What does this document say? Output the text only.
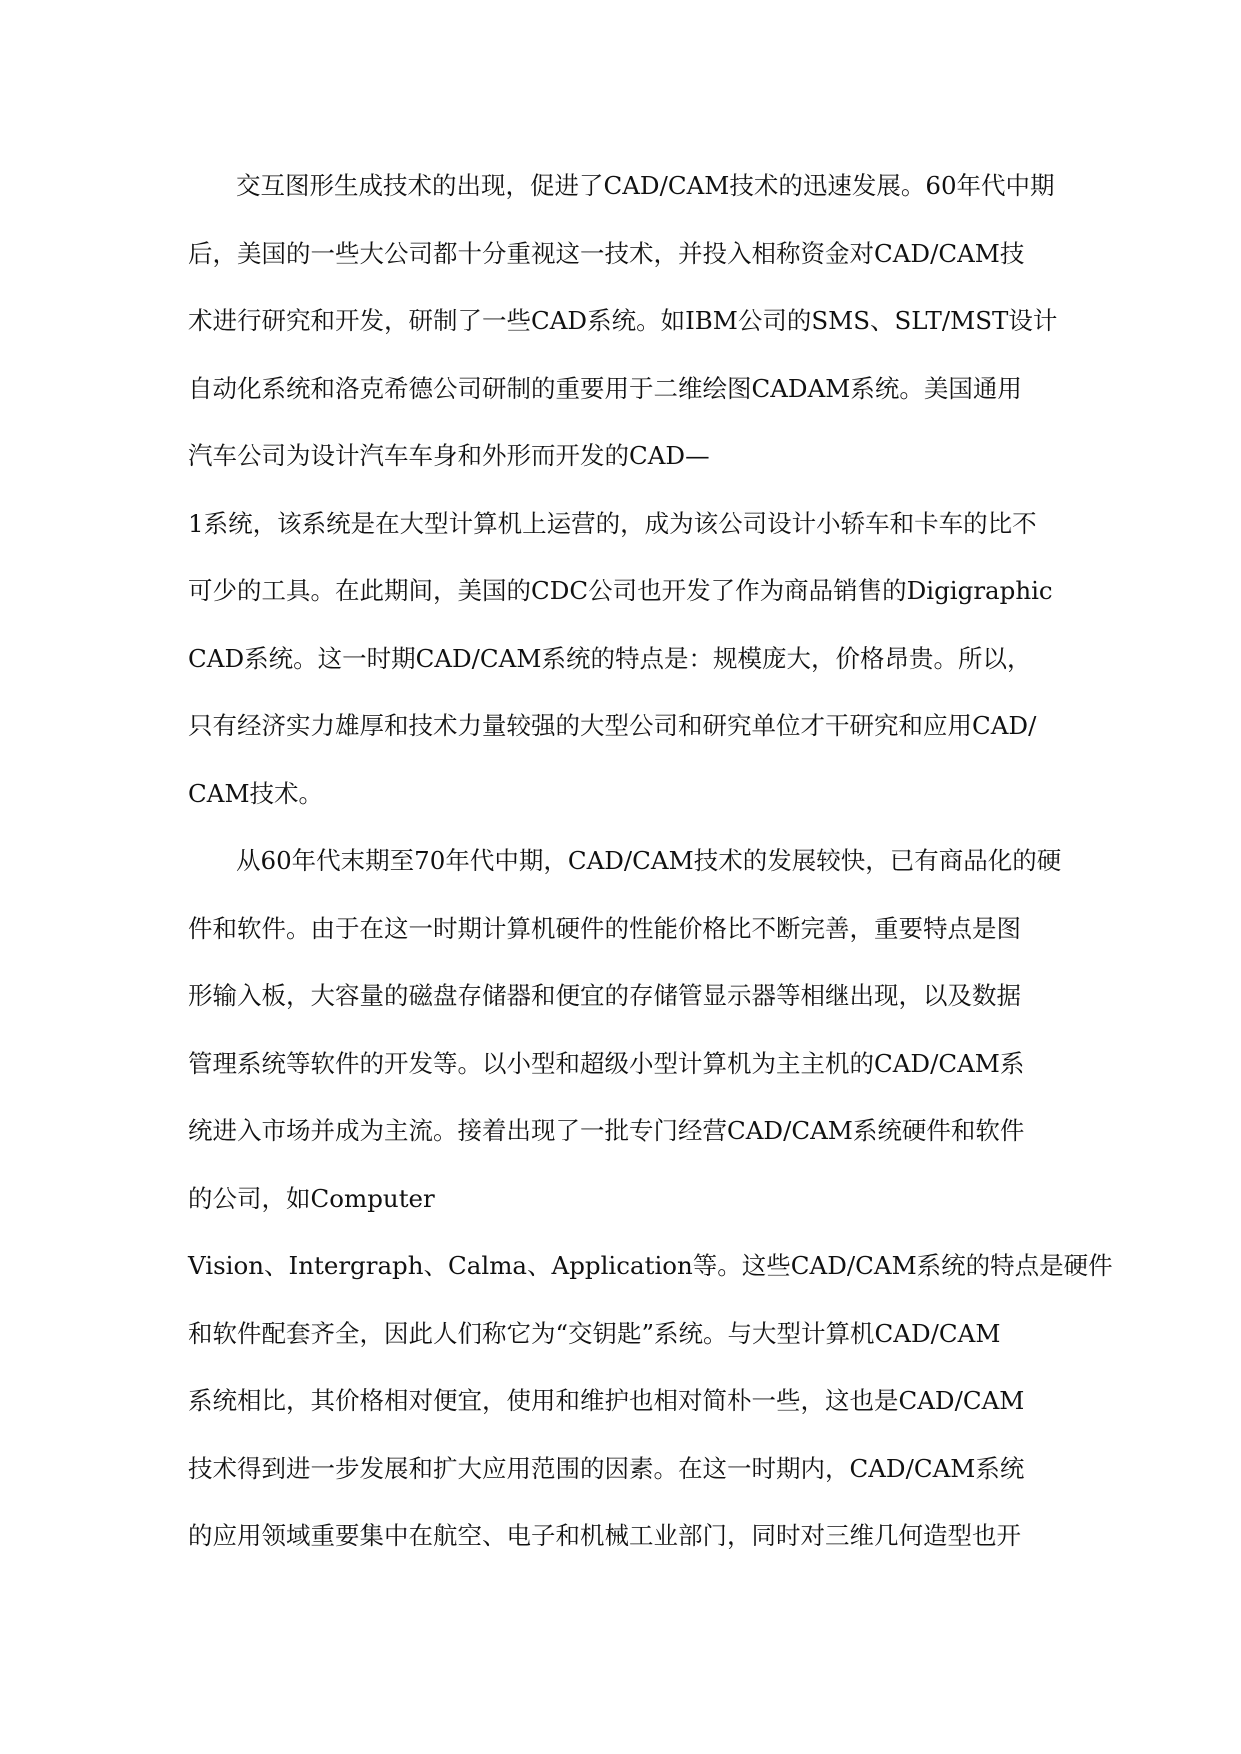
交互图形生成技术的出现，促进了CAD/CAM技术的迅速发展。60年代中期
后，美国的一些大公司都十分重视这一技术，并投入相称资金对CAD/CAM技
术进行研究和开发，研制了一些CAD系统。如IBM公司的SMS、SLT/MST设计
自动化系统和洛克希德公司研制的重要用于二维绘图CADAM系统。美国通用
汽车公司为设计汽车车身和外形而开发的CAD—
1系统，该系统是在大型计算机上运营的，成为该公司设计小轿车和卡车的比不
可少的工具。在此期间，美国的CDC公司也开发了作为商品销售的Digigraphic
CAD系统。这一时期CAD/CAM系统的特点是：规模庞大，价格昂贵。所以，
只有经济实力雄厚和技术力量较强的大型公司和研究单位才干研究和应用CAD/
CAM技术。
从60年代末期至70年代中期，CAD/CAM技术的发展较快，已有商品化的硬
件和软件。由于在这一时期计算机硬件的性能价格比不断完善，重要特点是图
形输入板，大容量的磁盘存储器和便宜的存储管显示器等相继出现，以及数据
管理系统等软件的开发等。以小型和超级小型计算机为主主机的CAD/CAM系
统进入市场并成为主流。接着出现了一批专门经营CAD/CAM系统硬件和软件
的公司，如Computer
Vision、Intergraph、Calma、Application等。这些CAD/CAM系统的特点是硬件
和软件配套齐全，因此人们称它为“交钥匙”系统。与大型计算机CAD/CAM
系统相比，其价格相对便宜，使用和维护也相对简朴一些，这也是CAD/CAM
技术得到进一步发展和扩大应用范围的因素。在这一时期内，CAD/CAM系统
的应用领域重要集中在航空、电子和机械工业部门，同时对三维几何造型也开
